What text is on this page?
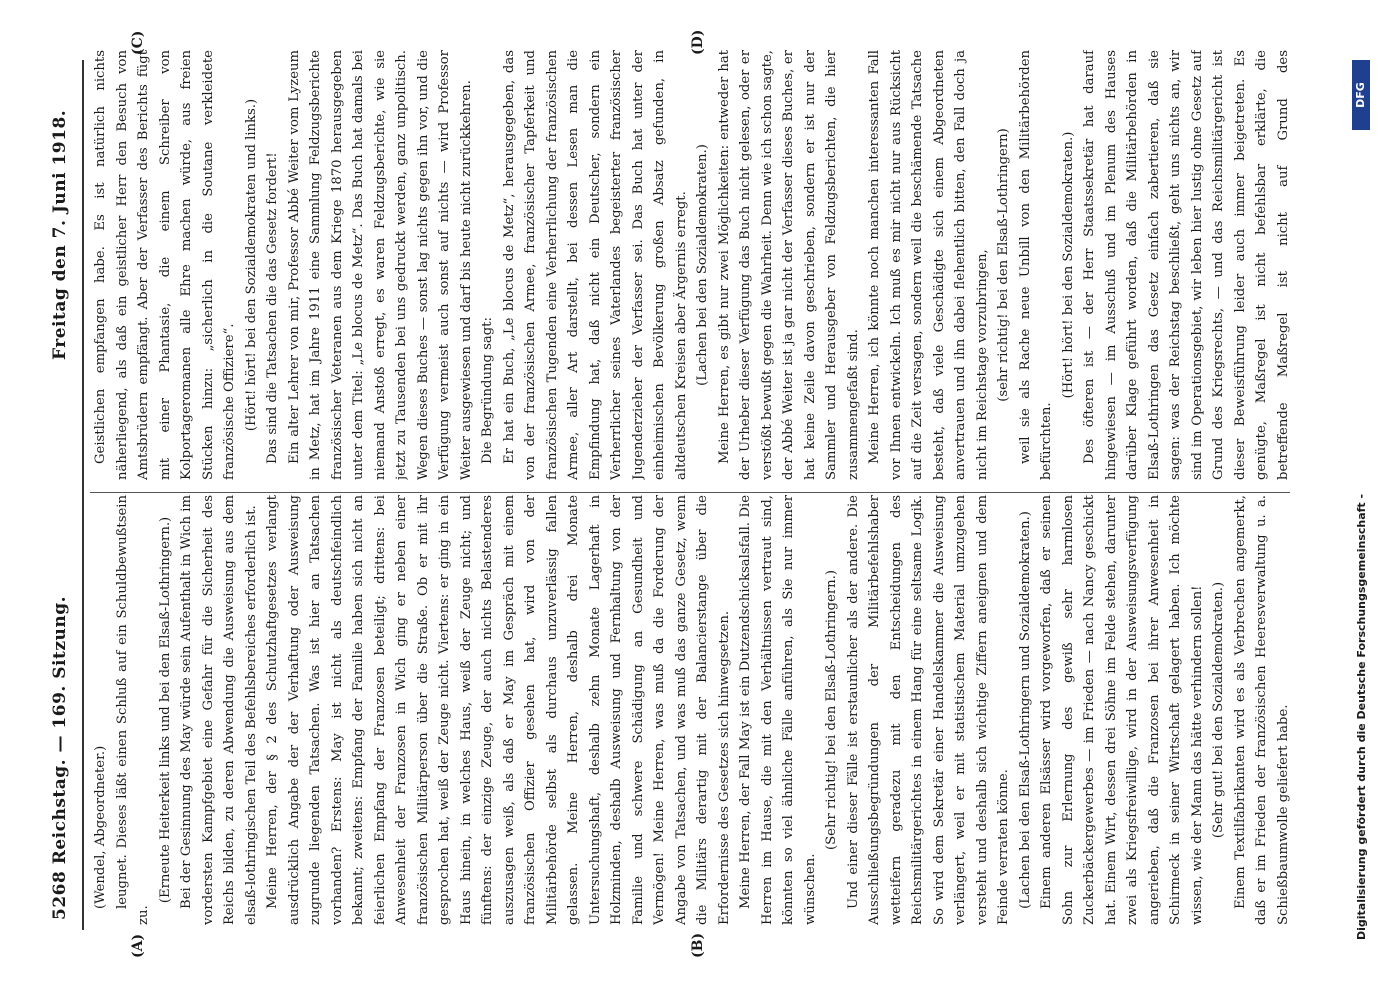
5268 Reichstag. — 169. Sitzung.
Freitag den 7. Juni 1918.
(A)	(B)
(C)	(D)

(Wendel, Abgeordneter.) leugnet. Dieses läßt einen Schluß auf ein Schuldbewußtsein zu.

(Erneute Heiterkeit links und bei den Elsaß-Lothringern.) Bei der Gesinnung des May würde sein Aufenthalt in Wich im vordersten Kampfgebiet eine Gefahr für die Sicherheit des Reichs bilden, zu deren Abwendung die Ausweisung aus dem elsaß-lothringischen Teil des Befehlsbereiches erforderlich ist. Meine Herren, der § 2 des Schutzhaftgesetzes verlangt ausdrücklich Angabe der der Verhaftung oder Ausweisung zugrunde liegenden Tatsachen. Was ist hier an Tatsachen vorhanden? Erstens: May ist nicht als deutschfeindlich bekannt; zweitens: Empfang der Familie haben sich nicht an feierlichen Empfang der Franzosen beteiligt; drittens: bei Anwesenheit der Franzosen in Wich ging er neben einer französischen Militärperson über die Straße. Ob er mit ihr gesprochen hat, weiß der Zeuge nicht. Viertens: er ging in ein Haus hinein, in welches Haus, weiß der Zeuge nicht; und fünftens: der einzige Zeuge, der auch nichts Belastenderes auszusagen weiß, als daß er May im Gespräch mit einem französischen Offizier gesehen hat, wird von der Militärbehörde selbst als durchaus unzuverlässig fallen gelassen. Meine Herren, deshalb drei Monate Untersuchungshaft, deshalb zehn Monate Lagerhaft in Holzminden, deshalb Ausweisung und Fernhaltung von der Familie und schwere Schädigung an Gesundheit und Vermögen! Meine Herren, was muß da die Forderung der Angabe von Tatsachen, und was muß das ganze Gesetz, wenn die Militärs derartig mit der Balancierstange über die Erfordernisse des Gesetzes sich hinwegsetzen. Meine Herren, der Fall May ist ein Dutzendschicksalsfall. Die Herren im Hause, die mit den Verhältnissen vertraut sind, könnten so viel ähnliche Fälle anführen, als Sie nur immer wünschen.

(Sehr richtig! bei den Elsaß-Lothringern.) Und einer dieser Fälle ist erstaunlicher als der andere. Die Ausschließungsbegründungen der Militärbefehlshaber wetteifern geradezu mit den Entscheidungen des Reichsmilitärgerichtes in einem Hang für eine seltsame Logik. So wird dem Sekretär einer Handelskammer die Ausweisung verlängert, weil er mit statistischem Material umzugehen versteht und deshalb sich wichtige Ziffern aneignen und dem Feinde verraten könne. (Lachen bei den Elsaß-Lothringern und Sozialdemokraten.) Einem anderen Elsässer wird vorgeworfen, daß er seinen Sohn zur Erlernung des gewiß sehr harmlosen Zuckerbäckergewerbes — im Frieden — nach Nancy geschickt hat. Einem Wirt, dessen drei Söhne im Felde stehen, darunter zwei als Kriegsfreiwillige, wird in der Ausweisungsverfügung angerieben, daß die Franzosen bei ihrer Anwesenheit in Schirmeck in seiner Wirtschaft gelagert haben. Ich möchte wissen, wie der Mann das hätte verhindern sollen! (Sehr gut! bei den Sozialdemokraten.) Einem Textilfabrikanten wird es als Verbrechen angemerkt, daß er im Frieden der französischen Heeresverwaltung u. a. Schießbaumwolle geliefert habe.

Geistlichen empfangen habe. Es ist natürlich nichts näherliegend, als daß ein geistlicher Herr den Besuch von Amtsbrüdern empfängt. Aber der Verfasser des Berichts fügt mit einer Phantasie, die einem Schreiber von Kolportageromanen alle Ehre machen würde, aus freien Stücken hinzu: „sicherlich in die Soutane verkleidete französische Offiziere“. (Hört! hört! bei den Sozialdemokraten und links.) Das sind die Tatsachen die das Gesetz fordert! Ein alter Lehrer von mir, Professor Abbé Weiter vom Lyzeum in Metz, hat im Jahre 1911 eine Sammlung Feldzugsberichte französischer Veteranen aus dem Kriege 1870 herausgegeben unter dem Titel: „Le blocus de Metz“. Das Buch hat damals bei niemand Anstoß erregt, es waren Feldzugsberichte, wie sie jetzt zu Tausenden bei uns gedruckt werden, ganz unpolitisch. Wegen dieses Buches — sonst lag nichts gegen ihn vor, und die Verfügung vermeist auch sonst auf nichts — wird Professor Weiter ausgewiesen und darf bis heute nicht zurückkehren. Die Begründung sagt: Er hat ein Buch, „Le blocus de Metz“, herausgegeben, das von der französischen Armee, französischer Tapferkeit und französischen Tugenden eine Verherrlichung der französischen Armee, aller Art darstellt, bei dessen Lesen man die Empfindung hat, daß nicht ein Deutscher, sondern ein Verherrlicher seines Vaterlandes begeisterter französischer Jugenderzieher der Verfasser sei. Das Buch hat unter der einheimischen Bevölkerung großen Absatz gefunden, in altdeutschen Kreisen aber Ärgernis erregt. (Lachen bei den Sozialdemokraten.) Meine Herren, es gibt nur zwei Möglichkeiten: entweder hat der Urheber dieser Verfügung das Buch nicht gelesen, oder er verstößt bewußt gegen die Wahrheit. Denn wie ich schon sagte, der Abbé Weiter ist ja gar nicht der Verfasser dieses Buches, er hat keine Zeile davon geschrieben, sondern er ist nur der Sammler und Herausgeber von Feldzugsberichten, die hier zusammengefaßt sind. Meine Herren, ich könnte noch manchen interessanten Fall vor Ihnen entwickeln. Ich muß es mir nicht nur aus Rücksicht auf die Zeit versagen, sondern weil die beschämende Tatsache besteht, daß viele Geschädigte sich einem Abgeordneten anvertrauen und ihn dabei flehentlich bitten, den Fall doch ja nicht im Reichstage vorzubringen, (sehr richtig! bei den Elsaß-Lothringern) weil sie als Rache neue Unbill von den Militärbehörden befürchten.

(Hört! hört! bei den Sozialdemokraten.)

Des öfteren ist — der Herr Staatssekretär hat darauf hingewiesen — im Ausschuß und im Plenum des Hauses darüber Klage geführt worden, daß die Militärbehörden in Elsaß-Lothringen das Gesetz einfach zabertieren, daß sie sagen: was der Reichstag beschließt, geht uns nichts an, wir sind im Operationsgebiet, wir leben hier lustig ohne Gesetz auf Grund des Kriegsrechts, — und das Reichsmilitärgericht ist dieser Beweisführung leider auch immer beigetreten. Es genügte, Maßregel ist nicht befehlsbar erklärte, die betreffende Maßregel ist nicht auf Grund des

Digitalisierung gefördert durch die Deutsche Forschungsgemeinschaft -
DFG
